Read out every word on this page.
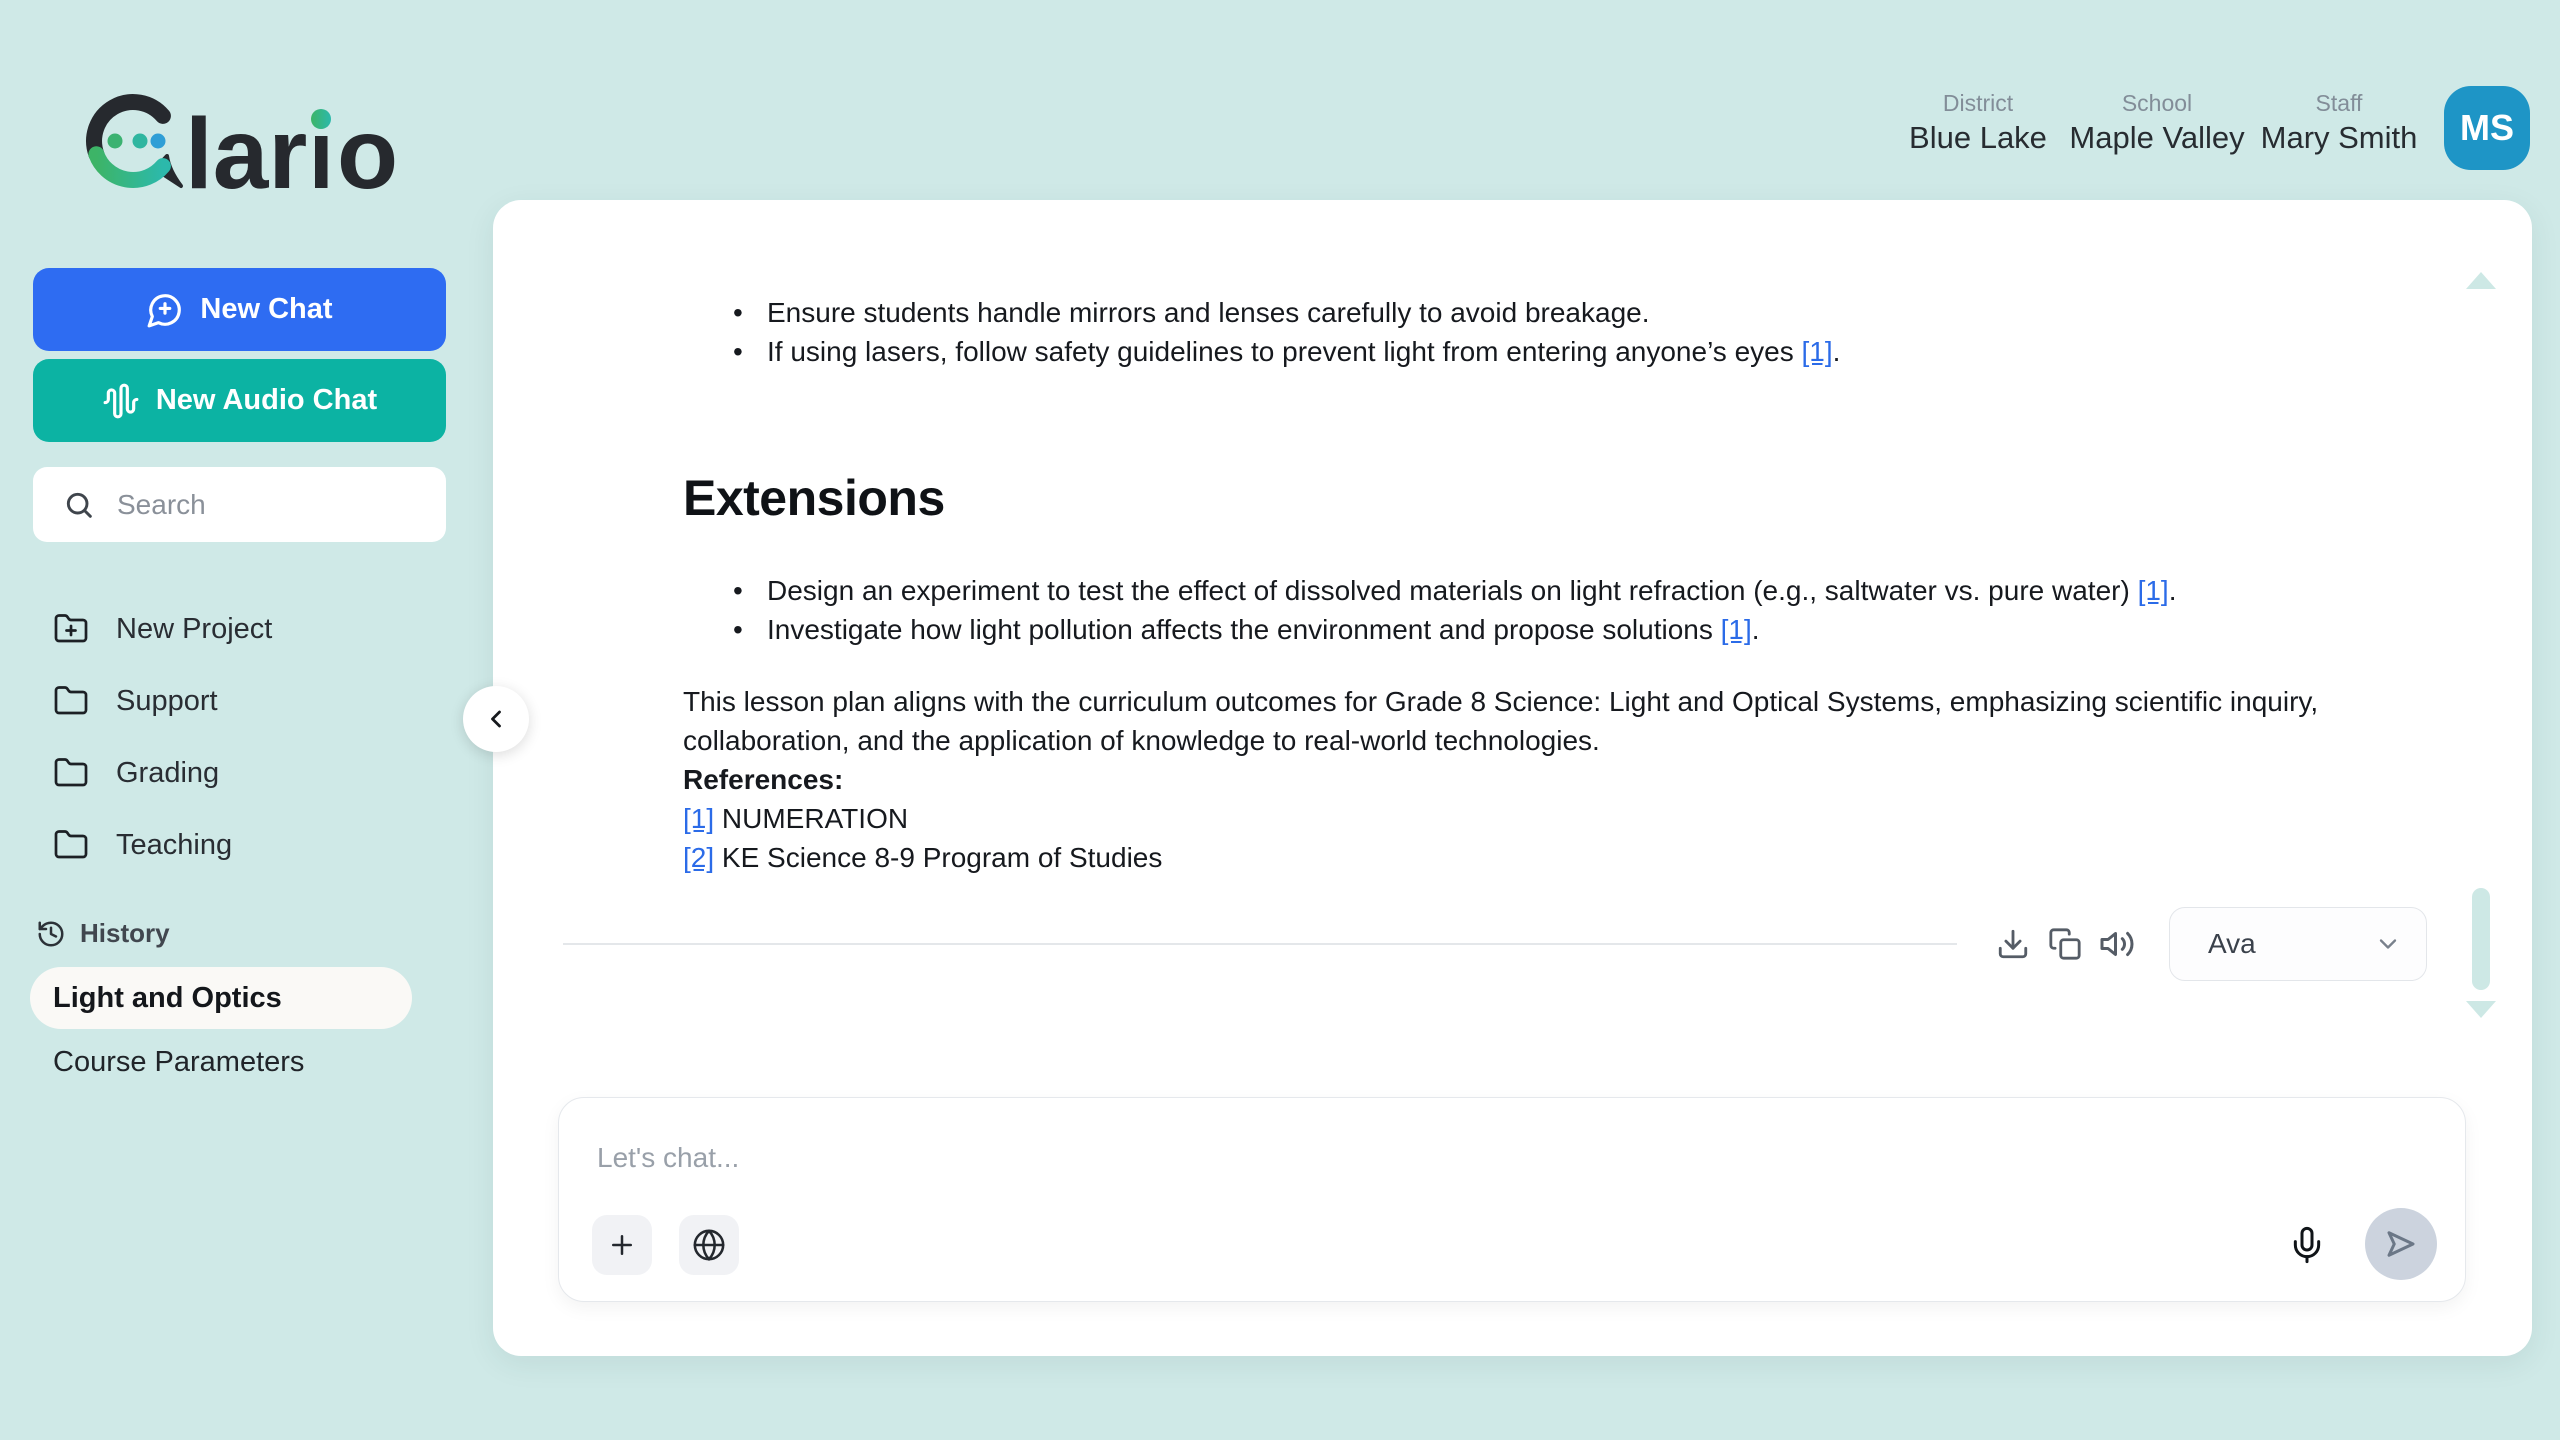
lar o
New Chat
New Audio Chat
Search
New Project
Support
Grading
Teaching
History
Light and Optics
Course Parameters
District
Blue Lake
School
Maple Valley
Staff
Mary Smith	MS
• Ensure students handle mirrors and lenses carefully to avoid breakage.
• If using lasers, follow safety guidelines to prevent light from entering anyone’s eyes [1].
Extensions
• Design an experiment to test the effect of dissolved materials on light refraction (e.g., saltwater vs. pure water) [1].
• Investigate how light pollution affects the environment and propose solutions [1].
This lesson plan aligns with the curriculum outcomes for Grade 8 Science: Light and Optical Systems, emphasizing scientific inquiry, collaboration, and the application of knowledge to real-world technologies.
References:
[1] NUMERATION
[2] KE Science 8-9 Program of Studies
Ava
Let's chat...
